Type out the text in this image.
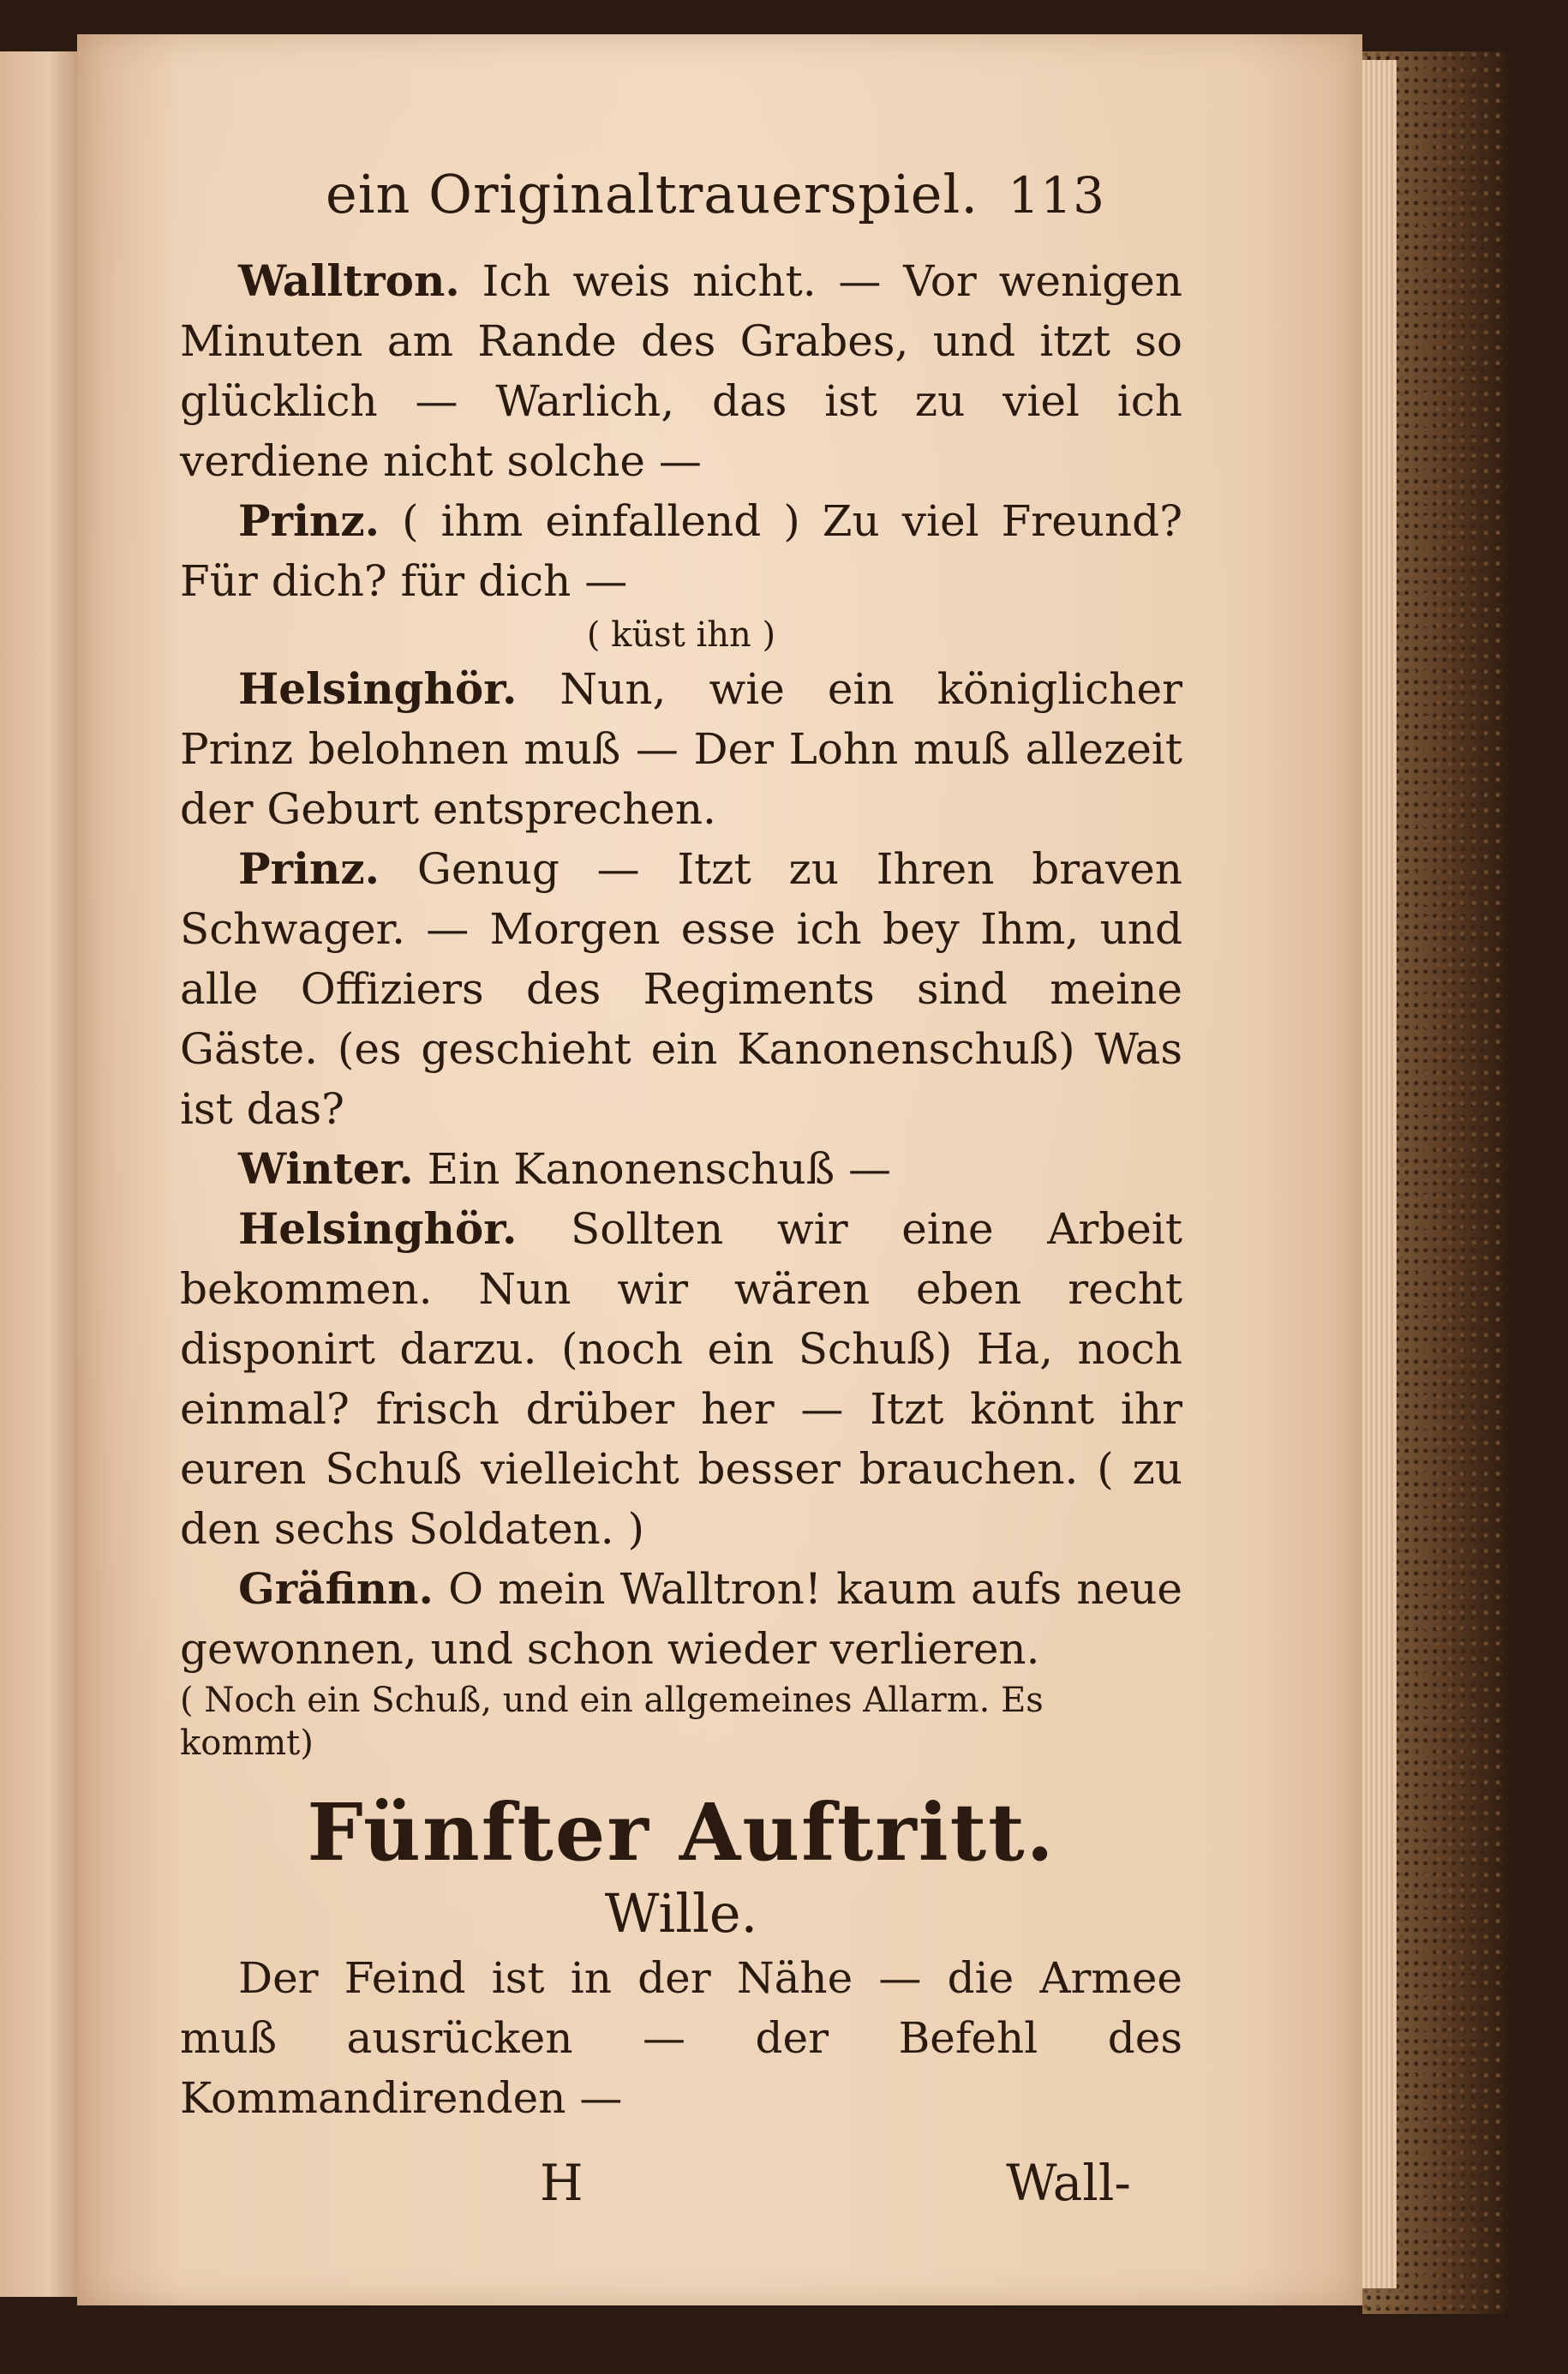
ein Originaltrauerspiel. 113

Walltron. Ich weis nicht. — Vor wenigen Minuten am Rande des Grabes, und itzt so glücklich — Warlich, das ist zu viel ich verdiene nicht solche —

Prinz. ( ihm einfallend ) Zu viel Freund? Für dich? für dich —

( küst ihn )

Helsinghör. Nun, wie ein königlicher Prinz belohnen muß — Der Lohn muß allezeit der Geburt entsprechen.

Prinz. Genug — Itzt zu Ihren braven Schwager. — Morgen esse ich bey Ihm, und alle Offiziers des Regiments sind meine Gäste. (es geschieht ein Kanonenschuß) Was ist das?

Winter. Ein Kanonenschuß —

Helsinghör. Sollten wir eine Arbeit bekommen. Nun wir wären eben recht disponirt darzu. (noch ein Schuß) Ha, noch einmal? frisch drüber her — Itzt könnt ihr euren Schuß vielleicht besser brauchen. ( zu den sechs Soldaten. )

Gräfinn. O mein Walltron! kaum aufs neue gewonnen, und schon wieder verlieren.

( Noch ein Schuß, und ein allgemeines Allarm. Es kommt)

Fünfter Auftritt.

Wille.

Der Feind ist in der Nähe — die Armee muß ausrücken — der Befehl des Kommandirenden —

H	Wall-
